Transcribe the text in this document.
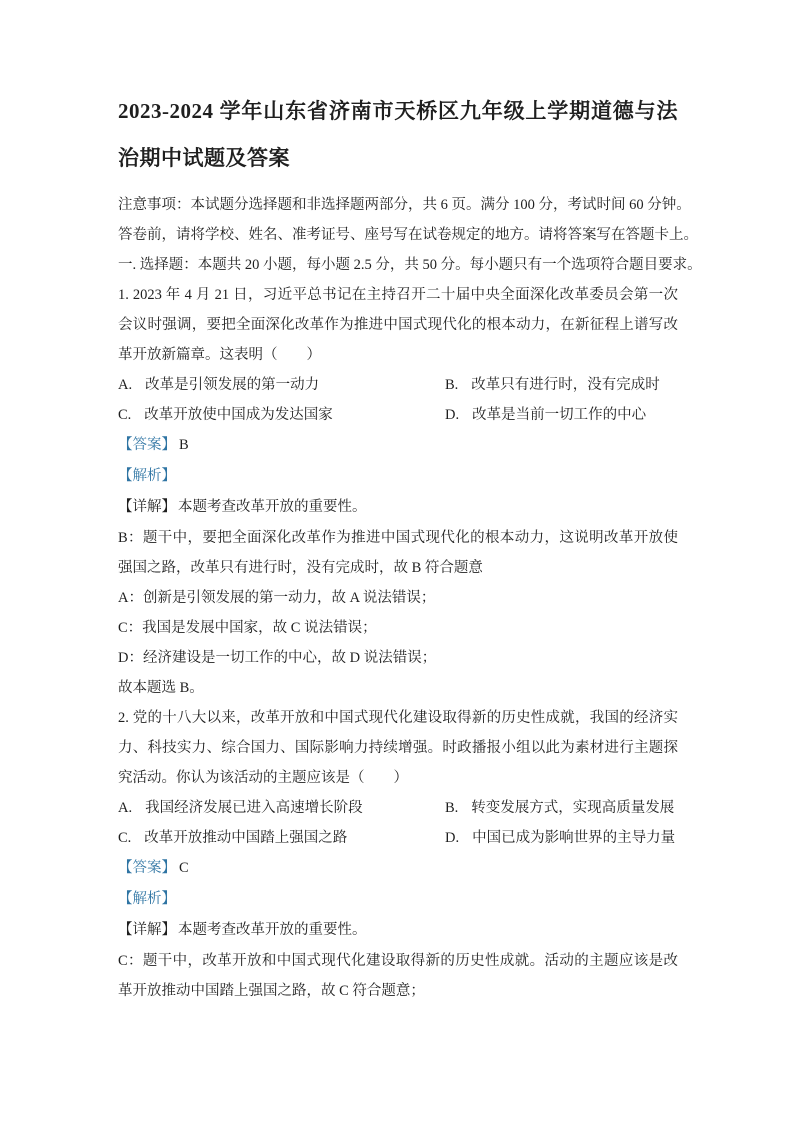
2023-2024 学年山东省济南市天桥区九年级上学期道德与法治期中试题及答案

注意事项：本试题分选择题和非选择题两部分，共 6 页。满分 100 分，考试时间 60 分钟。

答卷前，请将学校、姓名、准考证号、座号写在试卷规定的地方。请将答案写在答题卡上。

一. 选择题：本题共 20 小题，每小题 2.5 分，共 50 分。每小题只有一个选项符合题目要求。

1. 2023 年 4 月 21 日，习近平总书记在主持召开二十届中央全面深化改革委员会第一次会议时强调，要把全面深化改革作为推进中国式现代化的根本动力，在新征程上谱写改革开放新篇章。这表明（　　）

A. 改革是引领发展的第一动力	B. 改革只有进行时，没有完成时
C. 改革开放使中国成为发达国家	D. 改革是当前一切工作的中心

【答案】 B

【解析】

【详解】 本题考查改革开放的重要性。

B：题干中，要把全面深化改革作为推进中国式现代化的根本动力，这说明改革开放使强国之路，改革只有进行时，没有完成时，故 B 符合题意

A：创新是引领发展的第一动力，故 A 说法错误；

C：我国是发展中国家，故 C 说法错误；

D：经济建设是一切工作的中心，故 D 说法错误；

故本题选 B。

2. 党的十八大以来，改革开放和中国式现代化建设取得新的历史性成就，我国的经济实力、科技实力、综合国力、国际影响力持续增强。时政播报小组以此为素材进行主题探究活动。你认为该活动的主题应该是（　　）

A. 我国经济发展已进入高速增长阶段	B. 转变发展方式，实现高质量发展
C. 改革开放推动中国踏上强国之路	D. 中国已成为影响世界的主导力量

【答案】 C

【解析】

【详解】 本题考查改革开放的重要性。

C：题干中，改革开放和中国式现代化建设取得新的历史性成就。活动的主题应该是改革开放推动中国踏上强国之路，故 C 符合题意；
